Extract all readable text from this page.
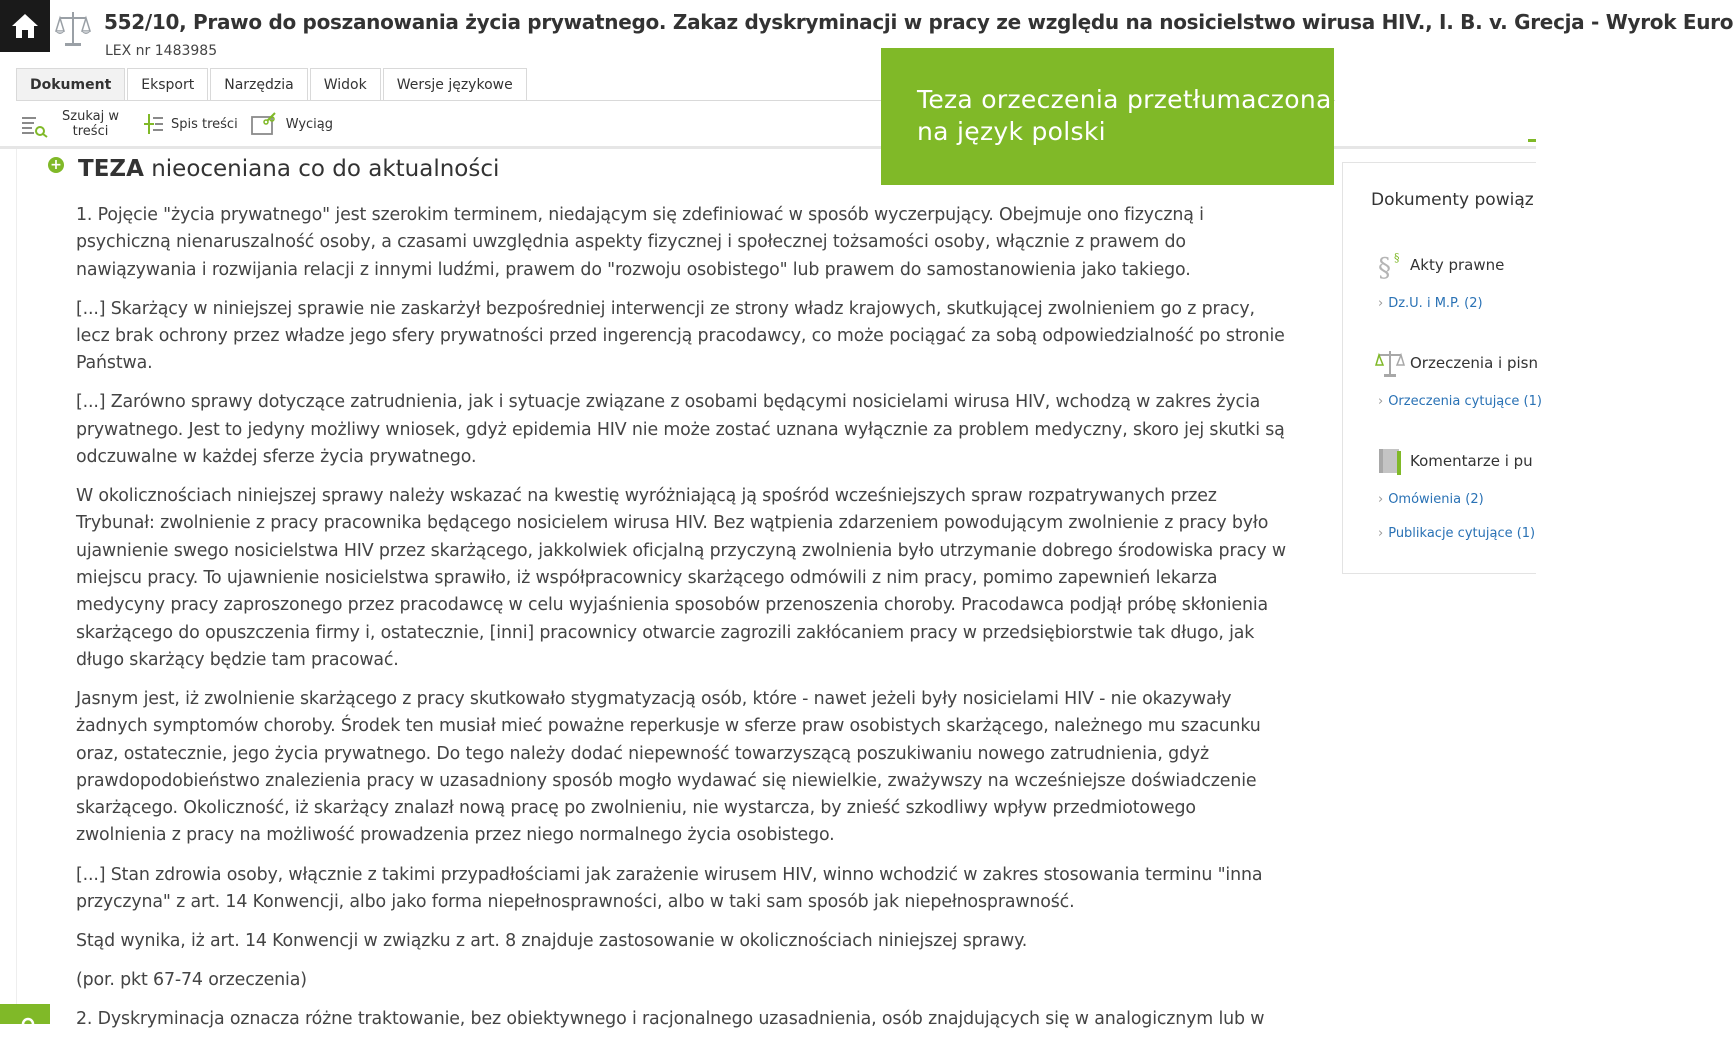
552/10, Prawo do poszanowania życia prywatnego. Zakaz dyskryminacji w pracy ze względu na nosicielstwo wirusa HIV., I. B. v. Grecja - Wyrok Euro
LEX nr 1483985
Dokument	Eksport	Narzędzia	Widok	Wersje językowe
Szukaj w
treści	Spis treści	Wyciąg
+ TEZA nieoceniana co do aktualności

1. Pojęcie "życia prywatnego" jest szerokim terminem, niedającym się zdefiniować w sposób wyczerpujący. Obejmuje ono fizyczną i psychiczną nienaruszalność osoby, a czasami uwzględnia aspekty fizycznej i społecznej tożsamości osoby, włącznie z prawem do nawiązywania i rozwijania relacji z innymi ludźmi, prawem do "rozwoju osobistego" lub prawem do samostanowienia jako takiego.

[...] Skarżący w niniejszej sprawie nie zaskarżył bezpośredniej interwencji ze strony władz krajowych, skutkującej zwolnieniem go z pracy, lecz brak ochrony przez władze jego sfery prywatności przed ingerencją pracodawcy, co może pociągać za sobą odpowiedzialność po stronie Państwa.

[...] Zarówno sprawy dotyczące zatrudnienia, jak i sytuacje związane z osobami będącymi nosicielami wirusa HIV, wchodzą w zakres życia prywatnego. Jest to jedyny możliwy wniosek, gdyż epidemia HIV nie może zostać uznana wyłącznie za problem medyczny, skoro jej skutki są odczuwalne w każdej sferze życia prywatnego.

W okolicznościach niniejszej sprawy należy wskazać na kwestię wyróżniającą ją spośród wcześniejszych spraw rozpatrywanych przez Trybunał: zwolnienie z pracy pracownika będącego nosicielem wirusa HIV. Bez wątpienia zdarzeniem powodującym zwolnienie z pracy było ujawnienie swego nosicielstwa HIV przez skarżącego, jakkolwiek oficjalną przyczyną zwolnienia było utrzymanie dobrego środowiska pracy w miejscu pracy. To ujawnienie nosicielstwa sprawiło, iż współpracownicy skarżącego odmówili z nim pracy, pomimo zapewnień lekarza medycyny pracy zaproszonego przez pracodawcę w celu wyjaśnienia sposobów przenoszenia choroby. Pracodawca podjął próbę skłonienia skarżącego do opuszczenia firmy i, ostatecznie, [inni] pracownicy otwarcie zagrozili zakłócaniem pracy w przedsiębiorstwie tak długo, jak długo skarżący będzie tam pracować.

Jasnym jest, iż zwolnienie skarżącego z pracy skutkowało stygmatyzacją osób, które - nawet jeżeli były nosicielami HIV - nie okazywały żadnych symptomów choroby. Środek ten musiał mieć poważne reperkusje w sferze praw osobistych skarżącego, należnego mu szacunku oraz, ostatecznie, jego życia prywatnego. Do tego należy dodać niepewność towarzyszącą poszukiwaniu nowego zatrudnienia, gdyż prawdopodobieństwo znalezienia pracy w uzasadniony sposób mogło wydawać się niewielkie, zważywszy na wcześniejsze doświadczenie skarżącego. Okoliczność, iż skarżący znalazł nową pracę po zwolnieniu, nie wystarcza, by znieść szkodliwy wpływ przedmiotowego zwolnienia z pracy na możliwość prowadzenia przez niego normalnego życia osobistego.

[...] Stan zdrowia osoby, włącznie z takimi przypadłościami jak zarażenie wirusem HIV, winno wchodzić w zakres stosowania terminu "inna przyczyna" z art. 14 Konwencji, albo jako forma niepełnosprawności, albo w taki sam sposób jak niepełnosprawność.

Stąd wynika, iż art. 14 Konwencji w związku z art. 8 znajduje zastosowanie w okolicznościach niniejszej sprawy.

(por. pkt 67-74 orzeczenia)

2. Dyskryminacja oznacza różne traktowanie, bez obiektywnego i racjonalnego uzasadnienia, osób znajdujących się w analogicznym lub w

Teza orzeczenia przetłumaczona
na język polski
Dokumenty powiąz
§ § Akty prawne
› Dz.U. i M.P. (2)
Orzeczenia i pisn
› Orzeczenia cytujące (1)
Komentarze i pu
› Omówienia (2)
› Publikacje cytujące (1)
